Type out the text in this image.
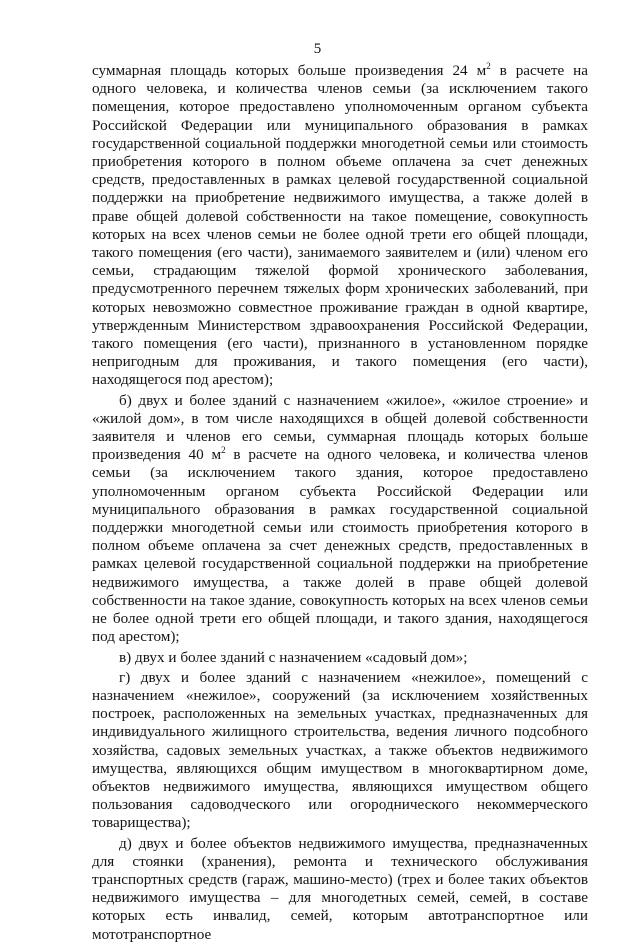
5

суммарная площадь которых больше произведения 24 $м^2$ в расчете на одного человека, и количества членов семьи (за исключением такого помещения, которое предоставлено уполномоченным органом субъекта Российской Федерации или муниципального образования в рамках государственной социальной поддержки многодетной семьи или стоимость приобретения которого в полном объеме оплачена за счет денежных средств, предоставленных в рамках целевой государственной социальной поддержки на приобретение недвижимого имущества, а также долей в праве общей долевой собственности на такое помещение, совокупность которых на всех членов семьи не более одной трети его общей площади, такого помещения (его части), занимаемого заявителем и (или) членом его семьи, страдающим тяжелой формой хронического заболевания, предусмотренного перечнем тяжелых форм хронических заболеваний, при которых невозможно совместное проживание граждан в одной квартире, утвержденным Министерством здравоохранения Российской Федерации, такого помещения (его части), признанного в установленном порядке непригодным для проживания, и такого помещения (его части), находящегося под арестом);

б) двух и более зданий с назначением «жилое», «жилое строение» и «жилой дом», в том числе находящихся в общей долевой собственности заявителя и членов его семьи, суммарная площадь которых больше произведения 40 $м^2$ в расчете на одного человека, и количества членов семьи (за исключением такого здания, которое предоставлено уполномоченным органом субъекта Российской Федерации или муниципального образования в рамках государственной социальной поддержки многодетной семьи или стоимость приобретения которого в полном объеме оплачена за счет денежных средств, предоставленных в рамках целевой государственной социальной поддержки на приобретение недвижимого имущества, а также долей в праве общей долевой собственности на такое здание, совокупность которых на всех членов семьи не более одной трети его общей площади, и такого здания, находящегося под арестом);

в) двух и более зданий с назначением «садовый дом»;

г) двух и более зданий с назначением «нежилое», помещений с назначением «нежилое», сооружений (за исключением хозяйственных построек, расположенных на земельных участках, предназначенных для индивидуального жилищного строительства, ведения личного подсобного хозяйства, садовых земельных участках, а также объектов недвижимого имущества, являющихся общим имуществом в многоквартирном доме, объектов недвижимого имущества, являющихся имуществом общего пользования садоводческого или огороднического некоммерческого товарищества);

д) двух и более объектов недвижимого имущества, предназначенных для стоянки (хранения), ремонта и технического обслуживания транспортных средств (гараж, машино-место) (трех и более таких объектов недвижимого имущества – для многодетных семей, семей, в составе которых есть инвалид, семей, которым автотранспортное или мототранспортное
